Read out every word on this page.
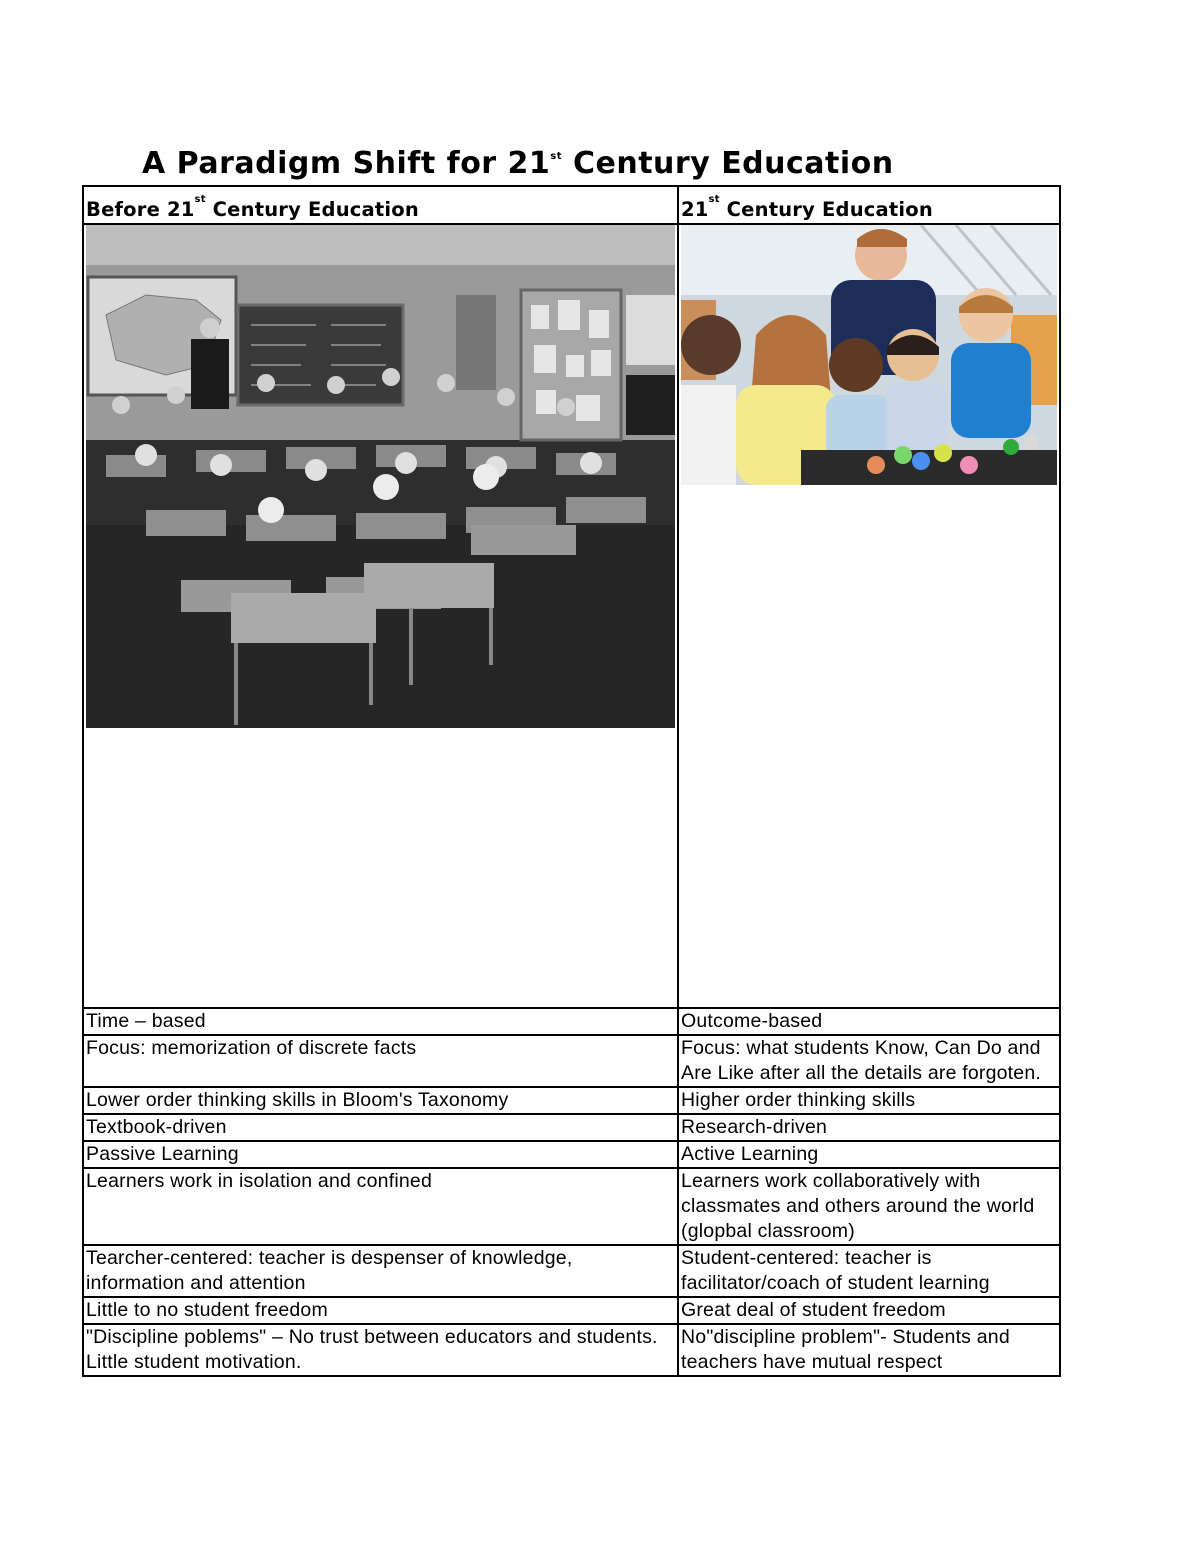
A Paradigm Shift for 21st Century Education
Before 21st Century Education	21st Century Education

Time – based	Outcome-based
Focus: memorization of discrete facts	Focus: what students Know, Can Do and Are Like after all the details are forgoten.
Lower order thinking skills in Bloom's Taxonomy	Higher order thinking skills
Textbook-driven	Research-driven
Passive Learning	Active Learning
Learners work in isolation and confined	Learners work collaboratively with classmates and others around the world (glopbal classroom)
Tearcher-centered: teacher is despenser of knowledge, information and attention	Student-centered: teacher is facilitator/coach of student learning
Little to no student freedom	Great deal of student freedom
"Discipline poblems" – No trust between educators and students. Little student motivation.	No"discipline problem"- Students and teachers have mutual respect
